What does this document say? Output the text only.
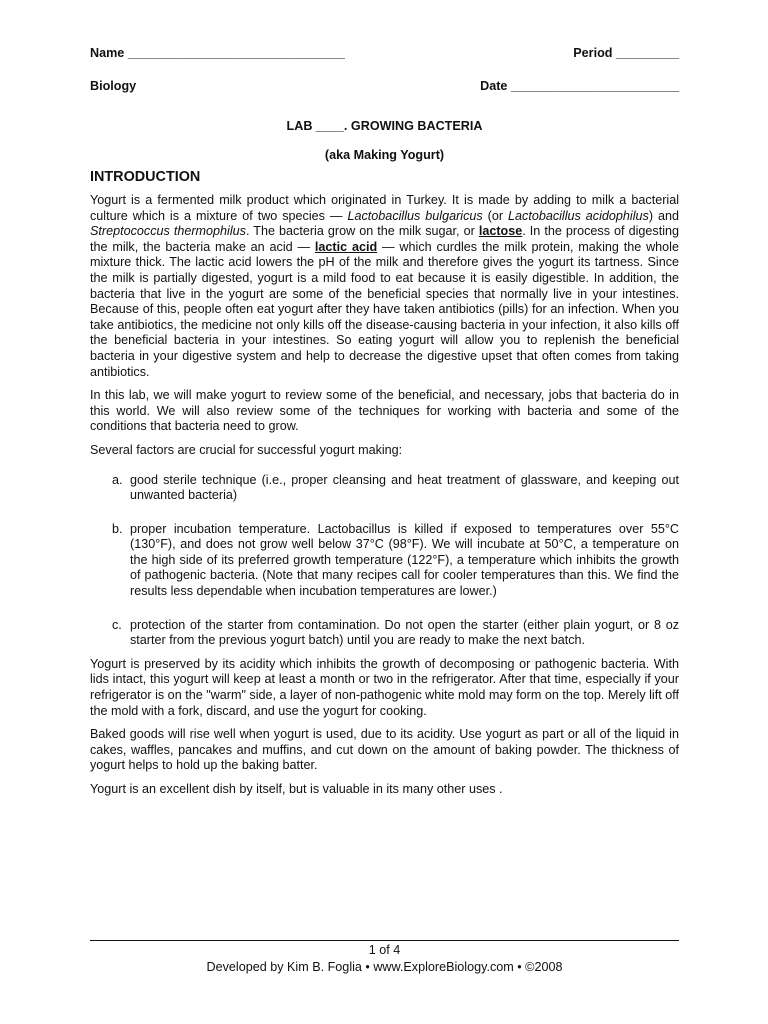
Name _______________________________	Period _________
Biology	Date ________________________
LAB ____. GROWING BACTERIA
(aka Making Yogurt)
INTRODUCTION

Yogurt is a fermented milk product which originated in Turkey. It is made by adding to milk a bacterial culture which is a mixture of two species — Lactobacillus bulgaricus (or Lactobacillus acidophilus) and Streptococcus thermophilus. The bacteria grow on the milk sugar, or lactose. In the process of digesting the milk, the bacteria make an acid — lactic acid — which curdles the milk protein, making the whole mixture thick. The lactic acid lowers the pH of the milk and therefore gives the yogurt its tartness. Since the milk is partially digested, yogurt is a mild food to eat because it is easily digestible. In addition, the bacteria that live in the yogurt are some of the beneficial species that normally live in your intestines. Because of this, people often eat yogurt after they have taken antibiotics (pills) for an infection. When you take antibiotics, the medicine not only kills off the disease-causing bacteria in your infection, it also kills off the beneficial bacteria in your intestines. So eating yogurt will allow you to replenish the beneficial bacteria in your digestive system and help to decrease the digestive upset that often comes from taking antibiotics.

In this lab, we will make yogurt to review some of the beneficial, and necessary, jobs that bacteria do in this world. We will also review some of the techniques for working with bacteria and some of the conditions that bacteria need to grow.

Several factors are crucial for successful yogurt making:

a. good sterile technique (i.e., proper cleansing and heat treatment of glassware, and keeping out unwanted bacteria)
b. proper incubation temperature. Lactobacillus is killed if exposed to temperatures over 55°C (130°F), and does not grow well below 37°C (98°F). We will incubate at 50°C, a temperature on the high side of its preferred growth temperature (122°F), a temperature which inhibits the growth of pathogenic bacteria. (Note that many recipes call for cooler temperatures than this. We find the results less dependable when incubation temperatures are lower.)
c. protection of the starter from contamination. Do not open the starter (either plain yogurt, or 8 oz starter from the previous yogurt batch) until you are ready to make the next batch.

Yogurt is preserved by its acidity which inhibits the growth of decomposing or pathogenic bacteria. With lids intact, this yogurt will keep at least a month or two in the refrigerator. After that time, especially if your refrigerator is on the "warm" side, a layer of non-pathogenic white mold may form on the top. Merely lift off the mold with a fork, discard, and use the yogurt for cooking.

Baked goods will rise well when yogurt is used, due to its acidity. Use yogurt as part or all of the liquid in cakes, waffles, pancakes and muffins, and cut down on the amount of baking powder. The thickness of yogurt helps to hold up the baking batter.

Yogurt is an excellent dish by itself, but is valuable in its many other uses .

1 of 4
Developed by Kim B. Foglia • www.ExploreBiology.com • ©2008
